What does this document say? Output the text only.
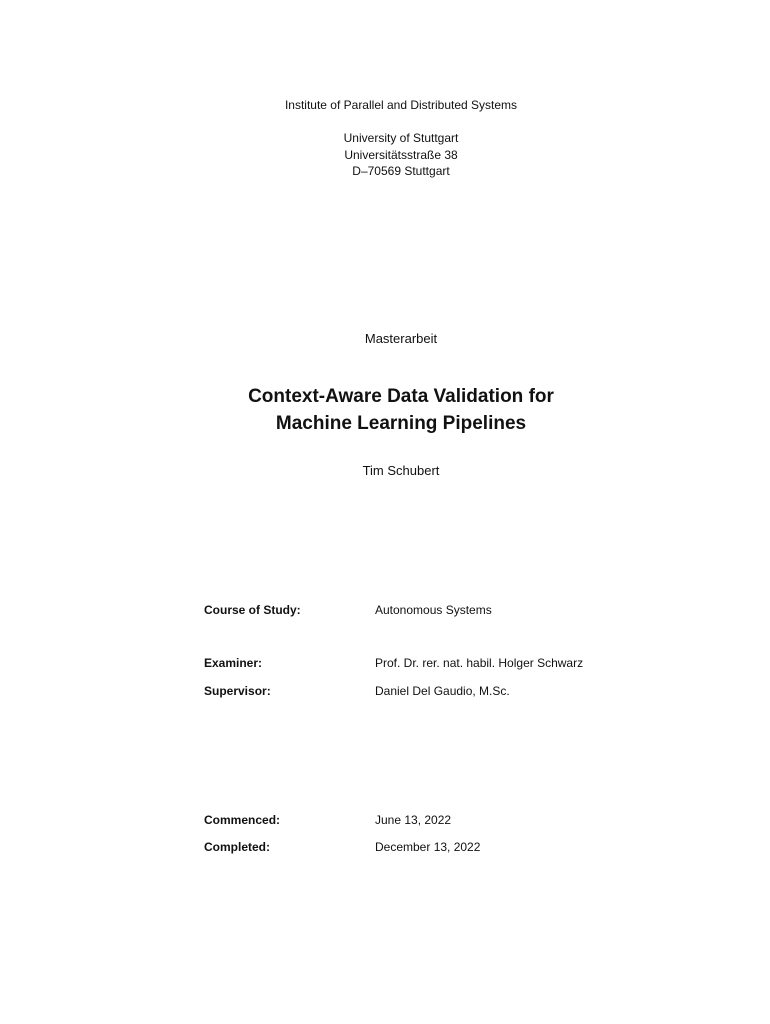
Institute of Parallel and Distributed Systems
University of Stuttgart
Universitätsstraße 38
D–70569 Stuttgart
Masterarbeit
Context-Aware Data Validation for
Machine Learning Pipelines
Tim Schubert
Course of Study:	Autonomous Systems
Examiner:	Prof. Dr. rer. nat. habil. Holger Schwarz
Supervisor:	Daniel Del Gaudio, M.Sc.
Commenced:	June 13, 2022
Completed:	December 13, 2022
